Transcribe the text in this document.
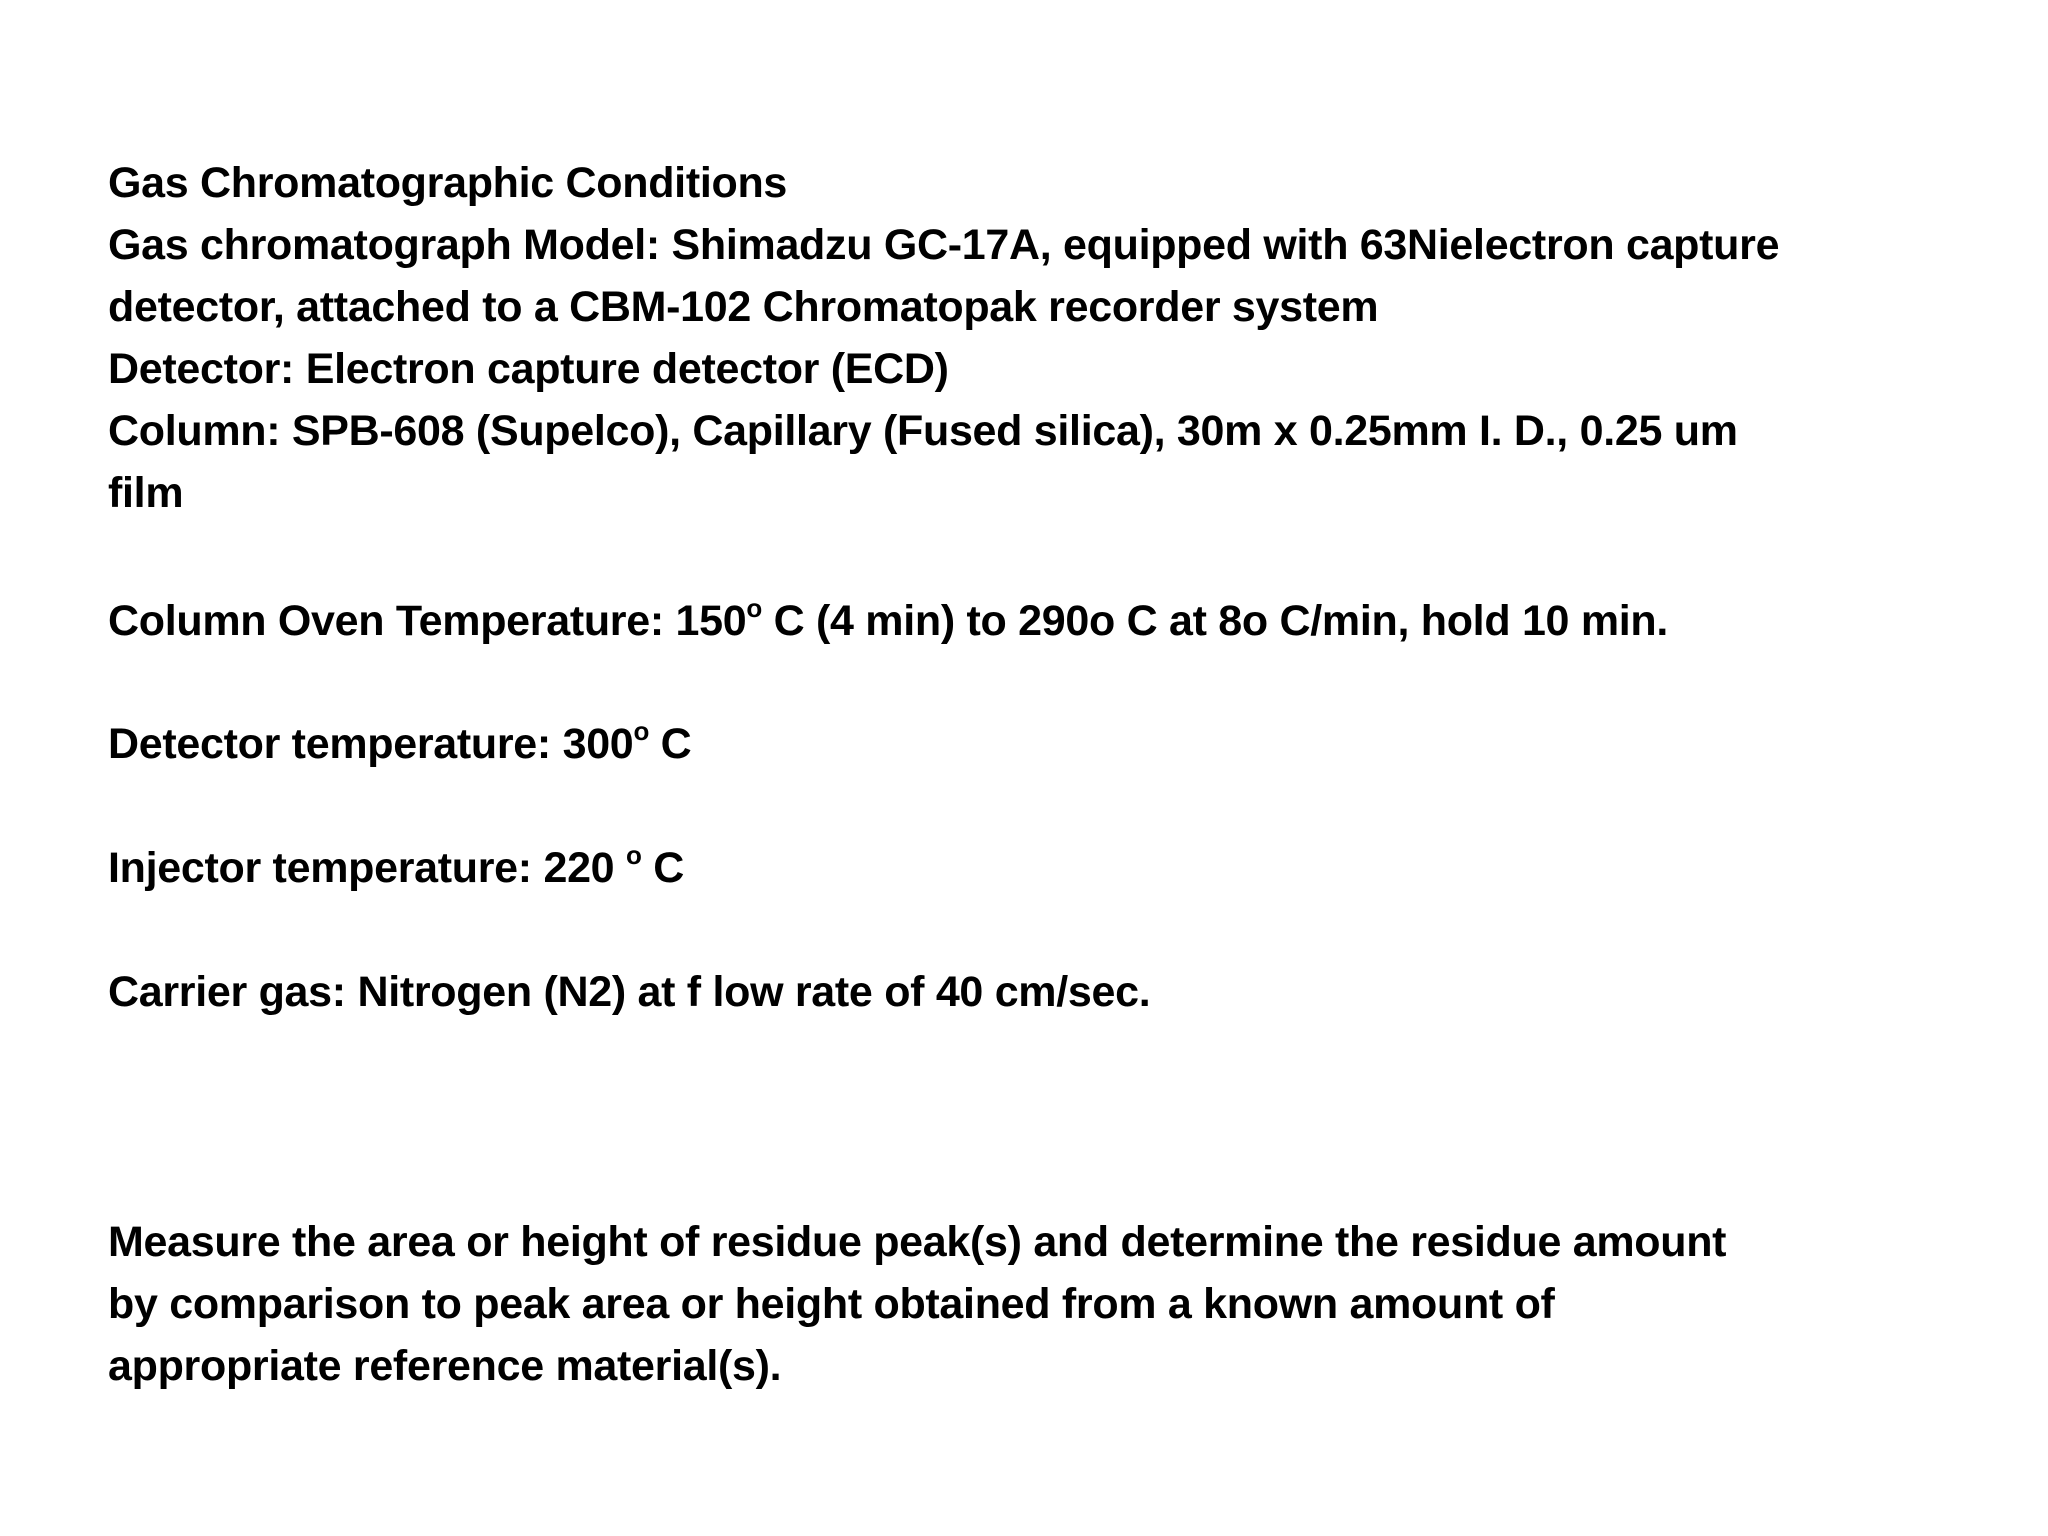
Gas Chromatographic Conditions
Gas chromatograph Model: Shimadzu GC-17A, equipped with 63Nielectron capture
detector, attached to a CBM-102 Chromatopak recorder system
Detector: Electron capture detector (ECD)
Column: SPB-608 (Supelco), Capillary (Fused silica), 30m x 0.25mm I. D., 0.25 um
film
Column Oven Temperature: 150$^o$ C (4 min) to 290o C at 8o C/min, hold 10 min.
Detector temperature: 300$^o$ C
Injector temperature: 220 $^o$ C
Carrier gas: Nitrogen (N2) at f low rate of 40 cm/sec.
Measure the area or height of residue peak(s) and determine the residue amount
by comparison to peak area or height obtained from a known amount of
appropriate reference material(s).
